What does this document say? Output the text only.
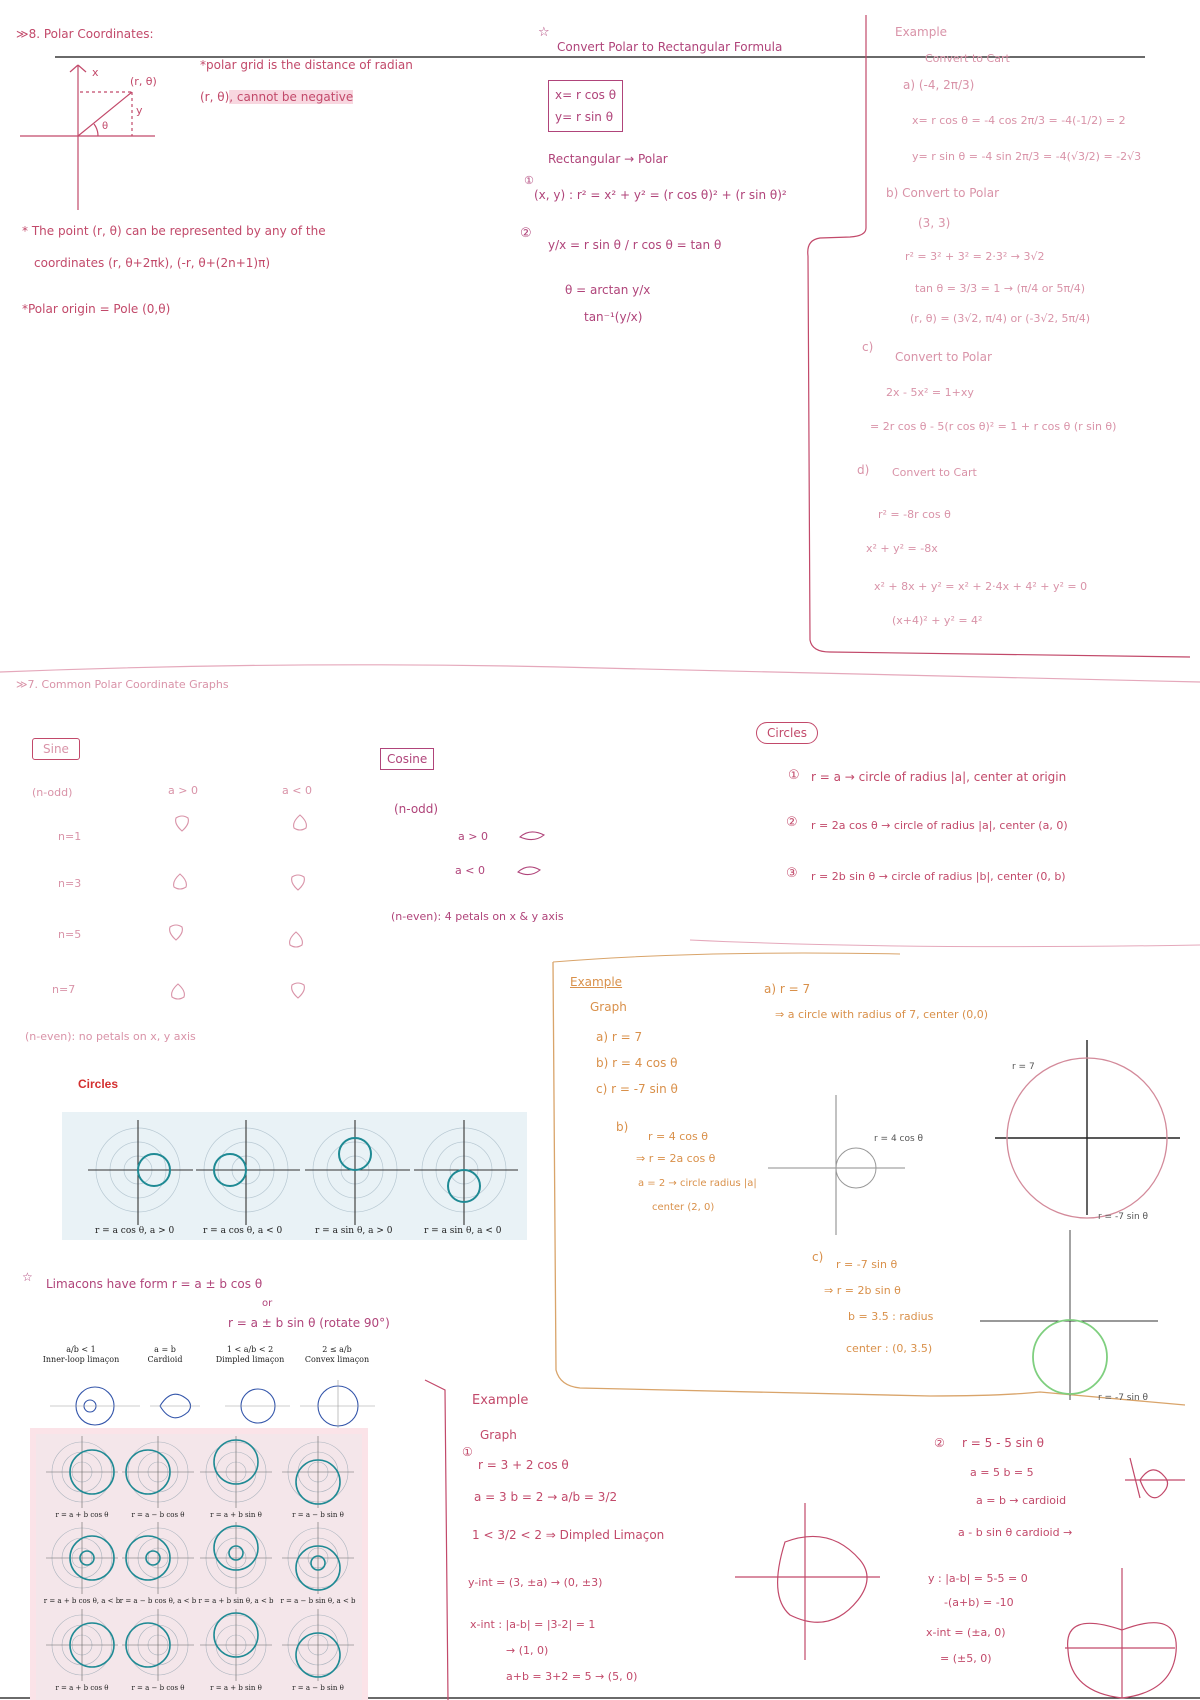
≫8. Polar Coordinates:
*polar grid is the distance of radian
(r, θ), cannot be negative
(r, θ)
x
y
θ
* The point (r, θ) can be represented by any of the
coordinates (r, θ+2πk), (-r, θ+(2n+1)π)
*Polar origin = Pole (0,θ)
☆
Convert Polar to Rectangular Formula
x= r cos θ
y= r sin θ
Rectangular → Polar
①
(x, y) : r² = x² + y² = (r cos θ)² + (r sin θ)²
②
y/x = r sin θ / r cos θ = tan θ
θ = arctan y/x
tan⁻¹(y/x)
Example
Convert to Cart
a) (-4, 2π/3)
x= r cos θ = -4 cos 2π/3 = -4(-1/2) = 2
y= r sin θ = -4 sin 2π/3 = -4(√3/2) = -2√3
b) Convert to Polar
(3, 3)
r² = 3² + 3² = 2·3² → 3√2
tan θ = 3/3 = 1 → (π/4 or 5π/4)
(r, θ) = (3√2, π/4) or (-3√2, 5π/4)
c)
Convert to Polar
2x - 5x² = 1+xy
= 2r cos θ - 5(r cos θ)² = 1 + r cos θ (r sin θ)
d) Convert to Cart
r² = -8r cos θ
x² + y² = -8x
x² + 8x + y² = x² + 2·4x + 4² + y² = 0
(x+4)² + y² = 4²
≫7. Common Polar Coordinate Graphs
Sine
(n-odd)	a > 0	a < 0
n=1
n=3
n=5
n=7
(n-even): no petals on x, y axis
Cosine
(n-odd)
a > 0
a < 0
(n-even): 4 petals on x & y axis
Circles
① r = a → circle of radius |a|, center at origin
② r = 2a cos θ → circle of radius |a|, center (a, 0)
③ r = 2b sin θ → circle of radius |b|, center (0, b)
Circles
r = a cos θ, a > 0	r = a cos θ, a < 0	r = a sin θ, a > 0	r = a sin θ, a < 0
☆ Limacons have form r = a ± b cos θ
or
r = a ± b sin θ (rotate 90°)
a/b < 1
Inner-loop limaçon
a = b
Cardioid
1 < a/b < 2
Dimpled limaçon
2 ≤ a/b
Convex limaçon
r = a + b cos θ	r = a − b cos θ	r = a + b sin θ	r = a − b sin θ
r = a + b cos θ, a < b r = a − b cos θ, a < b r = a + b sin θ, a < b r = a − b sin θ, a < b
r = a + b cos θ	r = a − b cos θ	r = a + b sin θ	r = a − b sin θ
Example
Graph
a) r = 7
b) r = 4 cos θ
c) r = -7 sin θ
a) r = 7
⇒ a circle with radius of 7, center (0,0)
b)
r = 4 cos θ
⇒ r = 2a cos θ
a = 2 → circle radius |a|
center (2, 0)
c)
r = -7 sin θ
⇒ r = 2b sin θ
b = 3.5 : radius
center : (0, 3.5)
r = 7
r = -7 sin θ
r = 4 cos θ
r = -7 sin θ
Example
Graph
①
r = 3 + 2 cos θ
a = 3 b = 2 → a/b = 3/2
1 < 3/2 < 2 ⇒ Dimpled Limaçon
y-int = (3, ±a) → (0, ±3)
x-int : |a-b| = |3-2| = 1
→ (1, 0)
a+b = 3+2 = 5 → (5, 0)
② r = 5 - 5 sin θ
a = 5 b = 5
a = b → cardioid
a - b sin θ cardioid →
y : |a-b| = 5-5 = 0
-(a+b) = -10
x-int = (±a, 0)
= (±5, 0)
